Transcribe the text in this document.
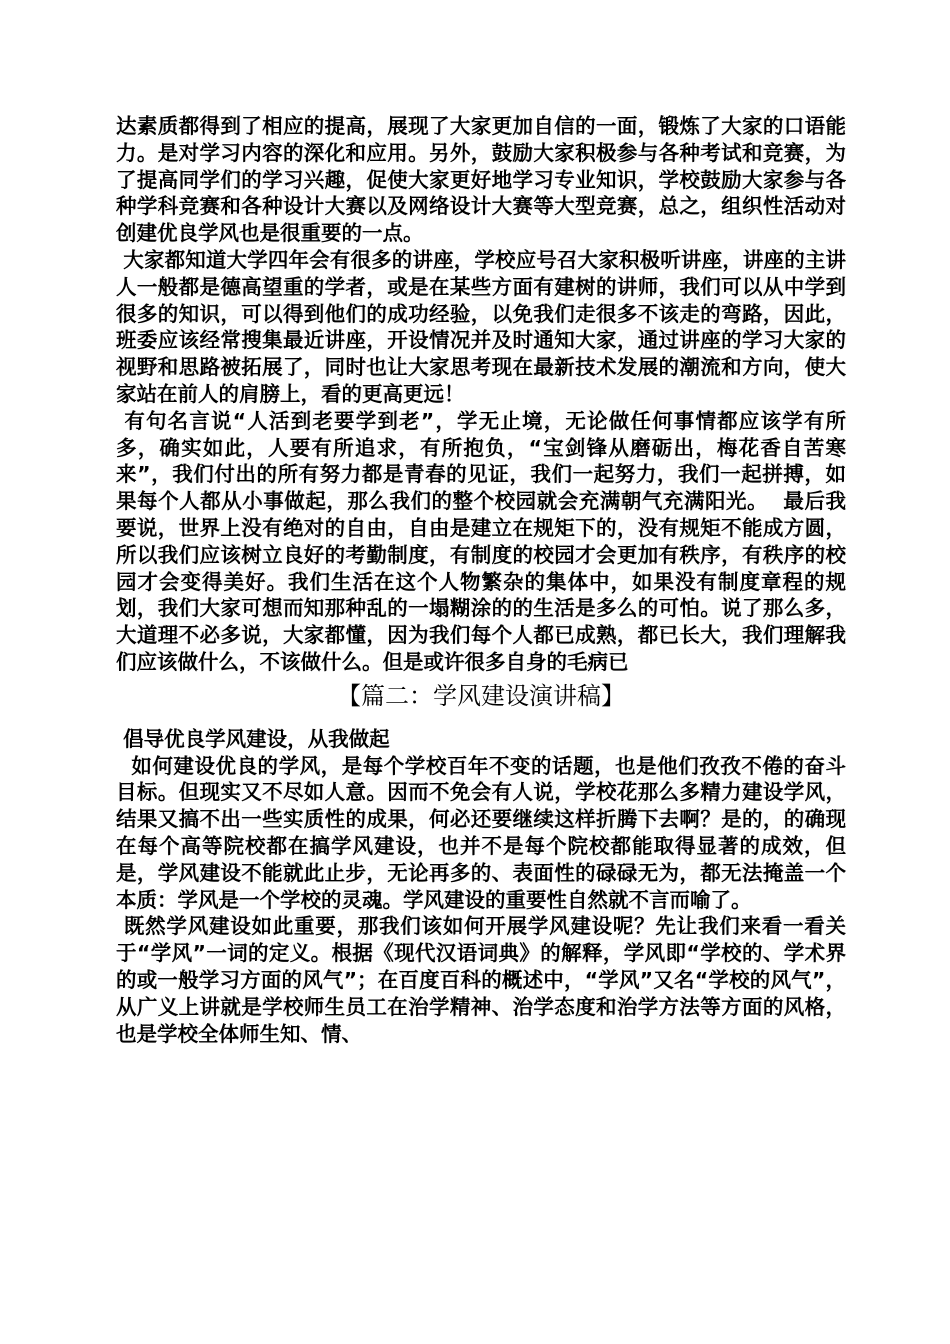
达素质都得到了相应的提高，展现了大家更加自信的一面，锻炼了大家的口语能力。是对学习内容的深化和应用。另外，鼓励大家积极参与各种考试和竞赛，为了提高同学们的学习兴趣，促使大家更好地学习专业知识，学校鼓励大家参与各种学科竞赛和各种设计大赛以及网络设计大赛等大型竞赛，总之，组织性活动对创建优良学风也是很重要的一点。

大家都知道大学四年会有很多的讲座，学校应号召大家积极听讲座，讲座的主讲人一般都是德高望重的学者，或是在某些方面有建树的讲师，我们可以从中学到很多的知识，可以得到他们的成功经验，以免我们走很多不该走的弯路，因此，班委应该经常搜集最近讲座，开设情况并及时通知大家，通过讲座的学习大家的视野和思路被拓展了，同时也让大家思考现在最新技术发展的潮流和方向，使大家站在前人的肩膀上，看的更高更远！

有句名言说“人活到老要学到老”，学无止境，无论做任何事情都应该学有所多，确实如此，人要有所追求，有所抱负，“宝剑锋从磨砺出，梅花香自苦寒来”，我们付出的所有努力都是青春的见证，我们一起努力，我们一起拼搏，如果每个人都从小事做起，那么我们的整个校园就会充满朝气充满阳光。  最后我要说，世界上没有绝对的自由，自由是建立在规矩下的，没有规矩不能成方圆，所以我们应该树立良好的考勤制度，有制度的校园才会更加有秩序，有秩序的校园才会变得美好。我们生活在这个人物繁杂的集体中，如果没有制度章程的规划，我们大家可想而知那种乱的一塌糊涂的的生活是多么的可怕。说了那么多，大道理不必多说，大家都懂，因为我们每个人都已成熟，都已长大，我们理解我们应该做什么，不该做什么。但是或许很多自身的毛病已

【篇二：学风建设演讲稿】

倡导优良学风建设，从我做起

如何建设优良的学风，是每个学校百年不变的话题，也是他们孜孜不倦的奋斗目标。但现实又不尽如人意。因而不免会有人说，学校花那么多精力建设学风，结果又搞不出一些实质性的成果，何必还要继续这样折腾下去啊？是的，的确现在每个高等院校都在搞学风建设，也并不是每个院校都能取得显著的成效，但是，学风建设不能就此止步，无论再多的、表面性的碌碌无为，都无法掩盖一个本质：学风是一个学校的灵魂。学风建设的重要性自然就不言而喻了。

既然学风建设如此重要，那我们该如何开展学风建设呢？先让我们来看一看关于“学风”一词的定义。根据《现代汉语词典》的解释，学风即“学校的、学术界的或一般学习方面的风气”；在百度百科的概述中，“学风”又名“学校的风气”，从广义上讲就是学校师生员工在治学精神、治学态度和治学方法等方面的风格，也是学校全体师生知、情、
